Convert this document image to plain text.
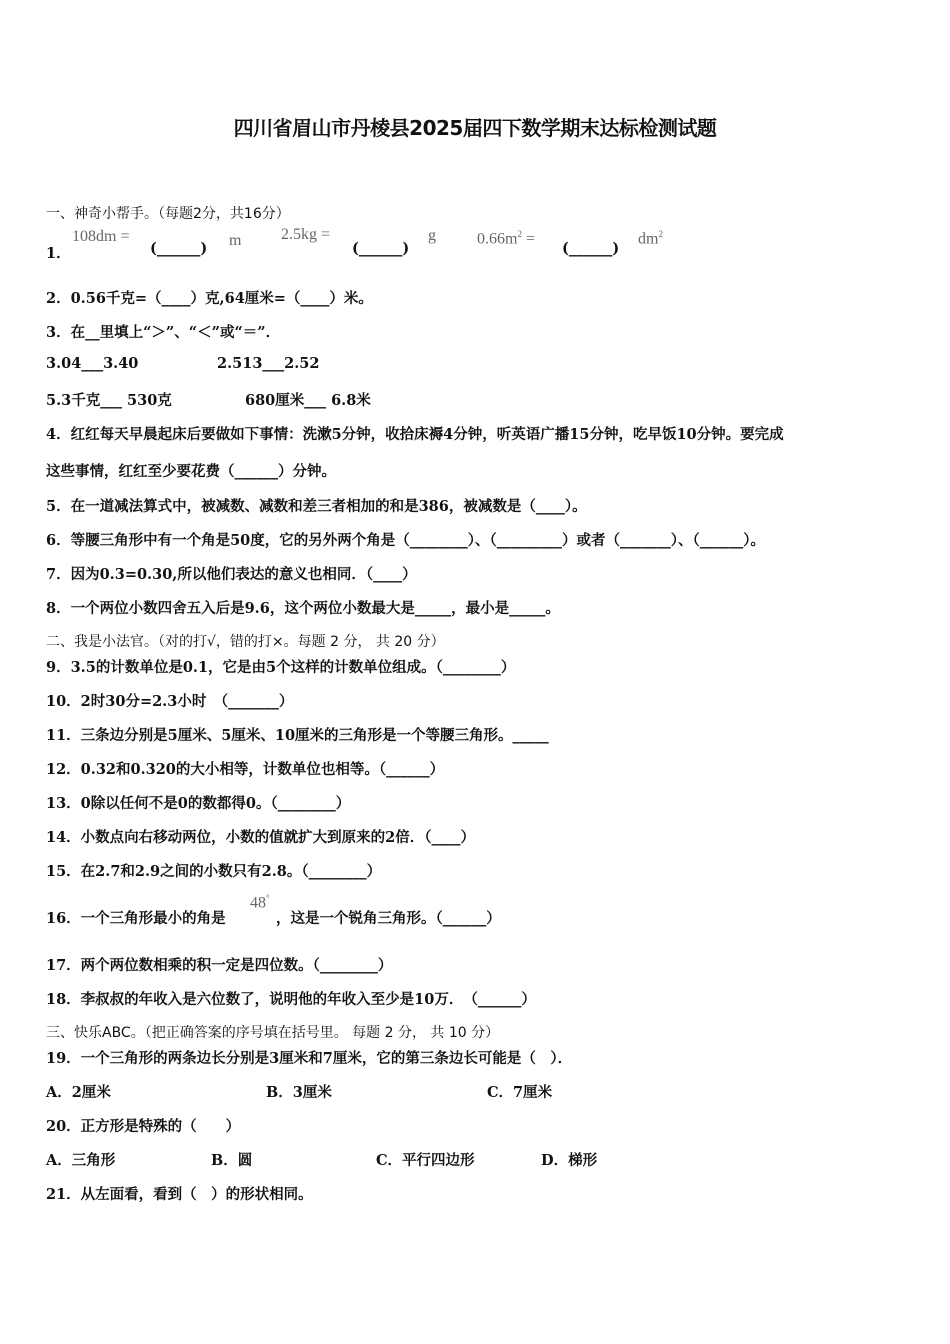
四川省眉山市丹棱县2025届四下数学期末达标检测试题
一、神奇小帮手。（每题2分，共16分）
1．
108dm =
(______) m 2.5kg =
(______)
g	$0.66m^2$ =
(______)
$dm^2$
2．0.56千克=（____）克,64厘米=（____）米。
3．在__里填上“＞”、“＜”或“＝”．
3.04___3.40	2.513___2.52
5.3千克___ 530克	680厘米___ 6.8米
4．红红每天早晨起床后要做如下事情：洗漱5分钟，收拾床褥4分钟，听英语广播15分钟，吃早饭10分钟。要完成
这些事情，红红至少要花费（______）分钟。
5．在一道减法算式中，被减数、减数和差三者相加的和是386，被减数是（____）。
6．等腰三角形中有一个角是50度，它的另外两个角是（________）、（_________）或者（_______）、（______）。
7．因为0.3=0.30,所以他们表达的意义也相同．（____）
8．一个两位小数四舍五入后是9.6，这个两位小数最大是_____，最小是_____。
二、我是小法官。（对的打√，错的打×。每题 2 分， 共 20 分）
9．3.5的计数单位是0.1，它是由5个这样的计数单位组成。（________）
10．2时30分=2.3小时　（_______）
11．三条边分别是5厘米、5厘米、10厘米的三角形是一个等腰三角形。_____
12．0.32和0.320的大小相等，计数单位也相等。（______）
13．0除以任何不是0的数都得0。（________）
14．小数点向右移动两位，小数的值就扩大到原来的2倍．（____）
15．在2.7和2.9之间的小数只有2.8。（________）
16．一个三角形最小的角是
48°
，这是一个锐角三角形。（______）
17．两个两位数相乘的积一定是四位数。（________）
18．李叔叔的年收入是六位数了，说明他的年收入至少是10万．　（______）
三、快乐ABC。（把正确答案的序号填在括号里。 每题 2 分， 共 10 分）
19．一个三角形的两条边长分别是3厘米和7厘米，它的第三条边长可能是（　）．
A．2厘米	B．3厘米	C．7厘米
20．正方形是特殊的（　　）
A．三角形	B．圆	C．平行四边形	D．梯形
21．从左面看，看到（　）的形状相同。
